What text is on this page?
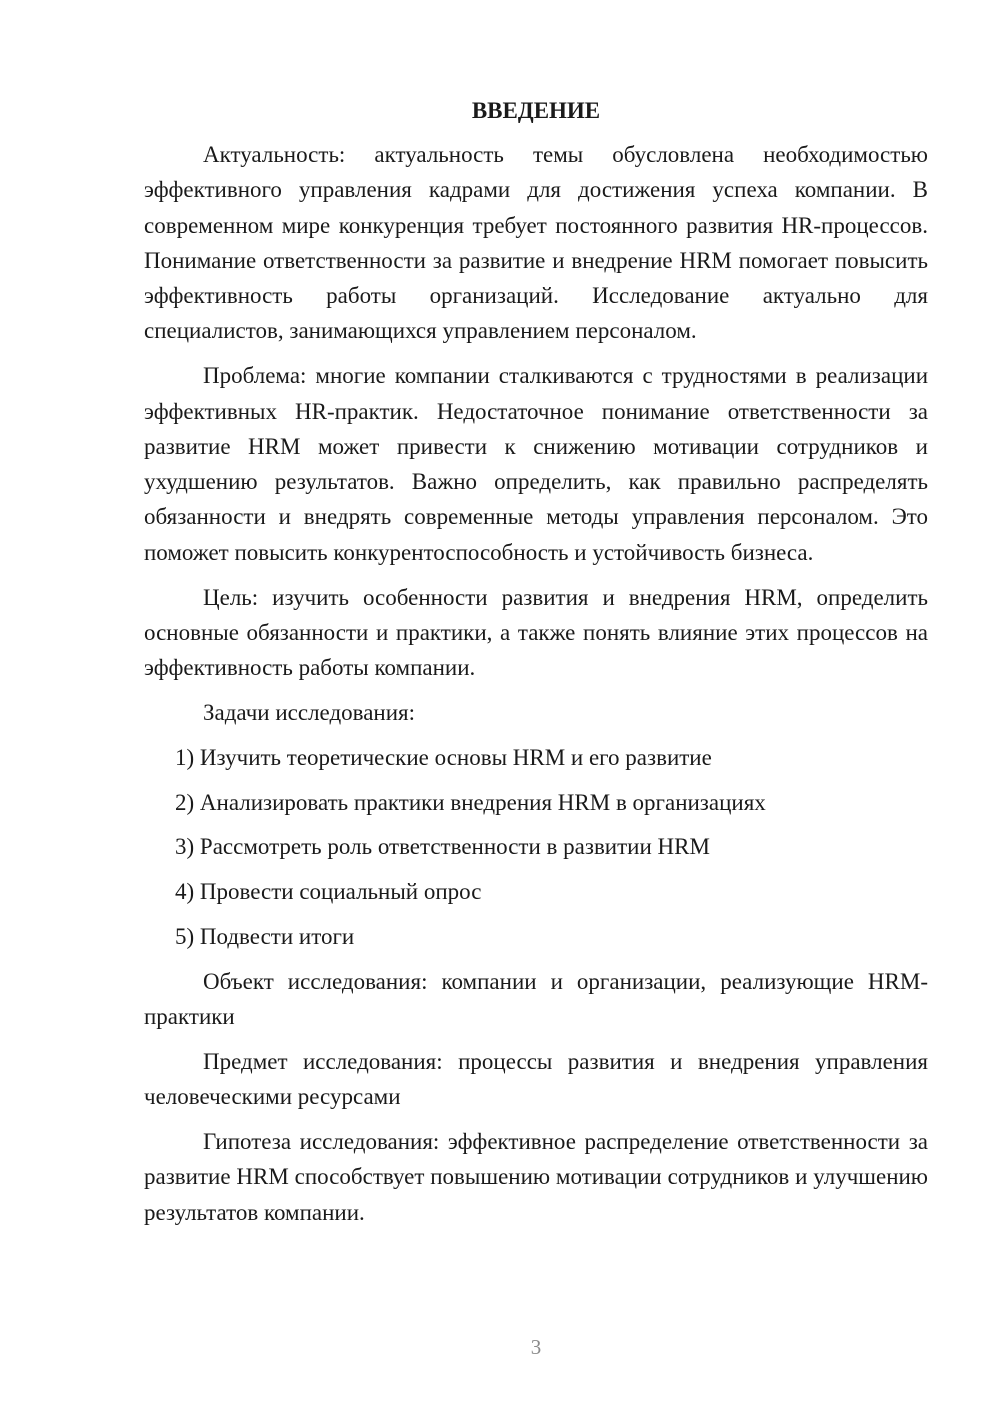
ВВЕДЕНИЕ

Актуальность: актуальность темы обусловлена необходимостью эффективного управления кадрами для достижения успеха компании. В современном мире конкуренция требует постоянного развития HR-процессов. Понимание ответственности за развитие и внедрение HRM помогает повысить эффективность работы организаций. Исследование актуально для специалистов, занимающихся управлением персоналом.

Проблема: многие компании сталкиваются с трудностями в реализации эффективных HR-практик. Недостаточное понимание ответственности за развитие HRM может привести к снижению мотивации сотрудников и ухудшению результатов. Важно определить, как правильно распределять обязанности и внедрять современные методы управления персоналом. Это поможет повысить конкурентоспособность и устойчивость бизнеса.

Цель: изучить особенности развития и внедрения HRM, определить основные обязанности и практики, а также понять влияние этих процессов на эффективность работы компании.

Задачи исследования:

1) Изучить теоретические основы HRM и его развитие
2) Анализировать практики внедрения HRM в организациях
3) Рассмотреть роль ответственности в развитии HRM
4) Провести социальный опрос
5) Подвести итоги

Объект исследования: компании и организации, реализующие HRM-практики

Предмет исследования: процессы развития и внедрения управления человеческими ресурсами

Гипотеза исследования: эффективное распределение ответственности за развитие HRM способствует повышению мотивации сотрудников и улучшению результатов компании.

3
